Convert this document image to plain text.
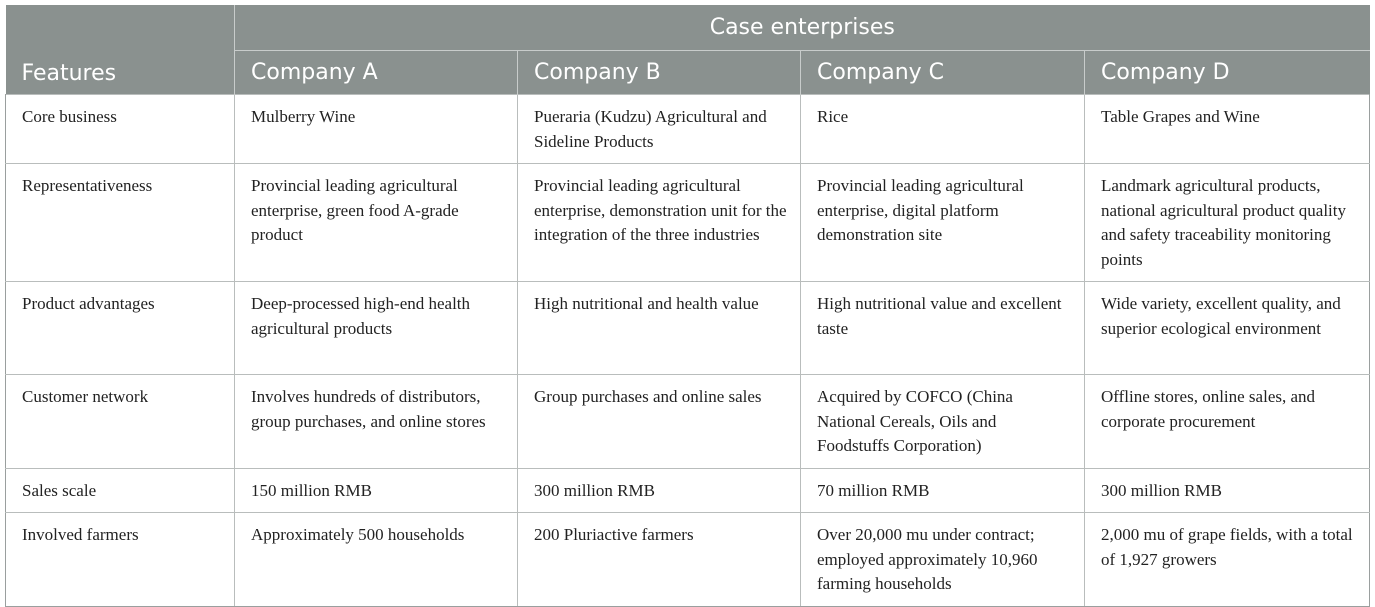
Features	Case enterprises			
	Company A	Company B	Company C	Company D
Core business	Mulberry Wine	Pueraria (Kudzu) Agricultural and Sideline Products	Rice	Table Grapes and Wine
Representativeness	Provincial leading agricultural enterprise, green food A-grade product	Provincial leading agricultural enterprise, demonstration unit for the integration of the three industries	Provincial leading agricultural enterprise, digital platform demonstration site	Landmark agricultural products, national agricultural product quality and safety traceability monitoring points
Product advantages	Deep-processed high-end health agricultural products	High nutritional and health value	High nutritional value and excellent taste	Wide variety, excellent quality, and superior ecological environment
Customer network	Involves hundreds of distributors, group purchases, and online stores	Group purchases and online sales	Acquired by COFCO (China National Cereals, Oils and Foodstuffs Corporation)	Offline stores, online sales, and corporate procurement
Sales scale	150 million RMB	300 million RMB	70 million RMB	300 million RMB
Involved farmers	Approximately 500 households	200 Pluriactive farmers	Over 20,000 mu under contract; employed approximately 10,960 farming households	2,000 mu of grape fields, with a total of 1,927 growers
